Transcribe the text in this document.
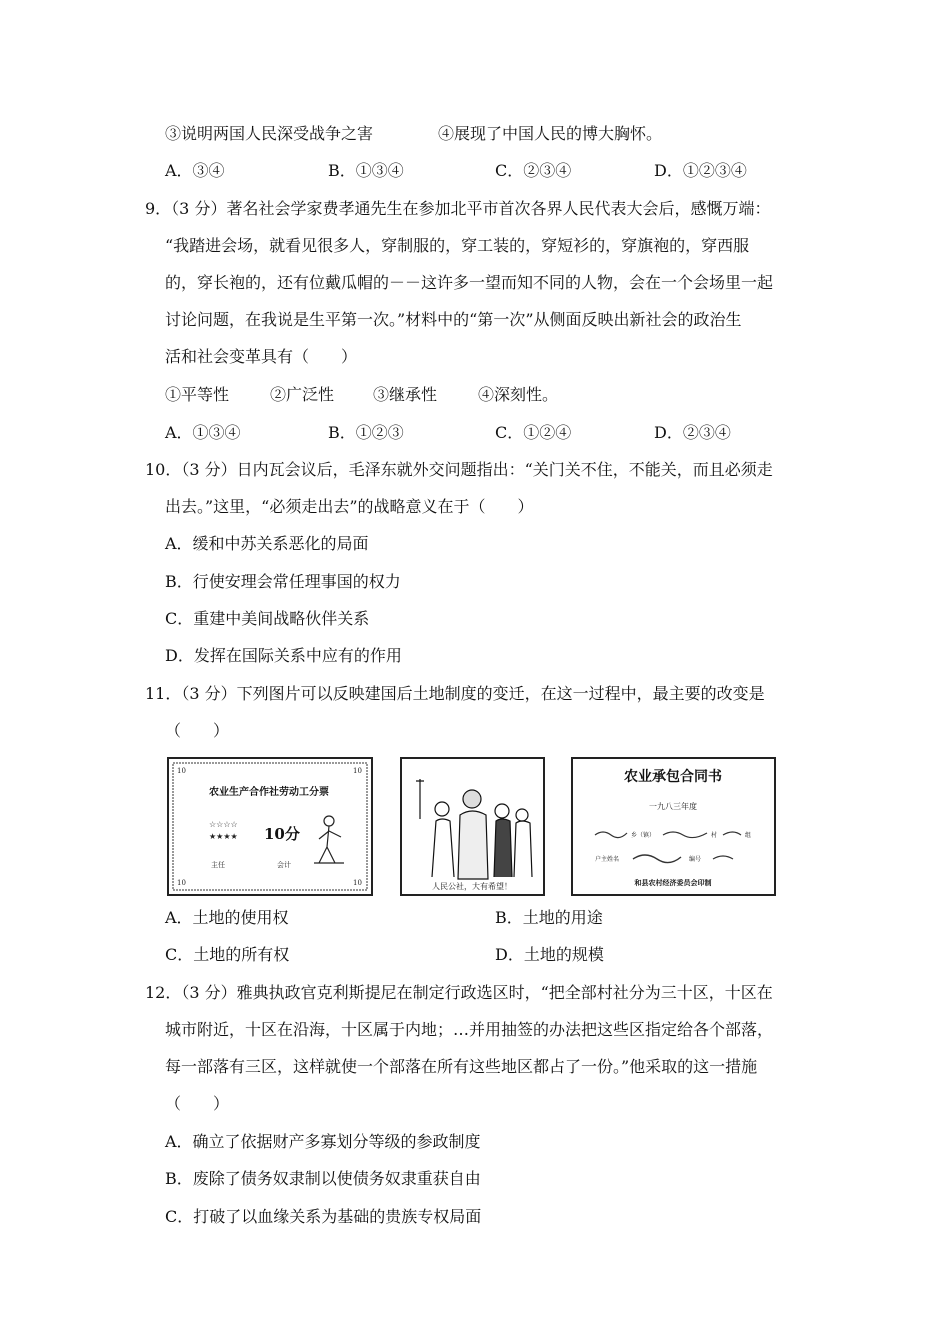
③说明两国人民深受战争之害	④展现了中国人民的博大胸怀。
A．③④	B．①③④	C．②③④	D．①②③④
9．（3 分）著名社会学家费孝通先生在参加北平市首次各界人民代表大会后，感慨万端：
“我踏进会场，就看见很多人，穿制服的，穿工装的，穿短衫的，穿旗袍的，穿西服
的，穿长袍的，还有位戴瓜帽的－－这许多一望而知不同的人物，会在一个会场里一起
讨论问题，在我说是生平第一次。”材料中的“第一次”从侧面反映出新社会的政治生
活和社会变革具有（　　）
①平等性	②广泛性 ③继承性	④深刻性。
A．①③④	B．①②③	C．①②④	D．②③④
10．（3 分）日内瓦会议后，毛泽东就外交问题指出：“关门关不住，不能关，而且必须走
出去。”这里，“必须走出去”的战略意义在于（　　）
A．缓和中苏关系恶化的局面
B．行使安理会常任理事国的权力
C．重建中美间战略伙伴关系
D．发挥在国际关系中应有的作用
11．（3 分）下列图片可以反映建国后土地制度的变迁，在这一过程中，最主要的改变是
（　　）
10	10
10	10
农业生产合作社劳动工分票
☆☆☆☆
★★★★ 10分
主任	会计
人民公社，大有希望！
农业承包合同书
一九八三年度
乡（镇）	村	组
户主姓名	编号
和县农村经济委员会印制
A．土地的使用权	B．土地的用途
C．土地的所有权	D．土地的规模
12．（3 分）雅典执政官克利斯提尼在制定行政选区时，“把全部村社分为三十区，十区在
城市附近，十区在沿海，十区属于内地；…并用抽签的办法把这些区指定给各个部落，
每一部落有三区，这样就使一个部落在所有这些地区都占了一份。”他采取的这一措施
（　　）
A．确立了依据财产多寡划分等级的参政制度
B．废除了债务奴隶制以使债务奴隶重获自由
C．打破了以血缘关系为基础的贵族专权局面
